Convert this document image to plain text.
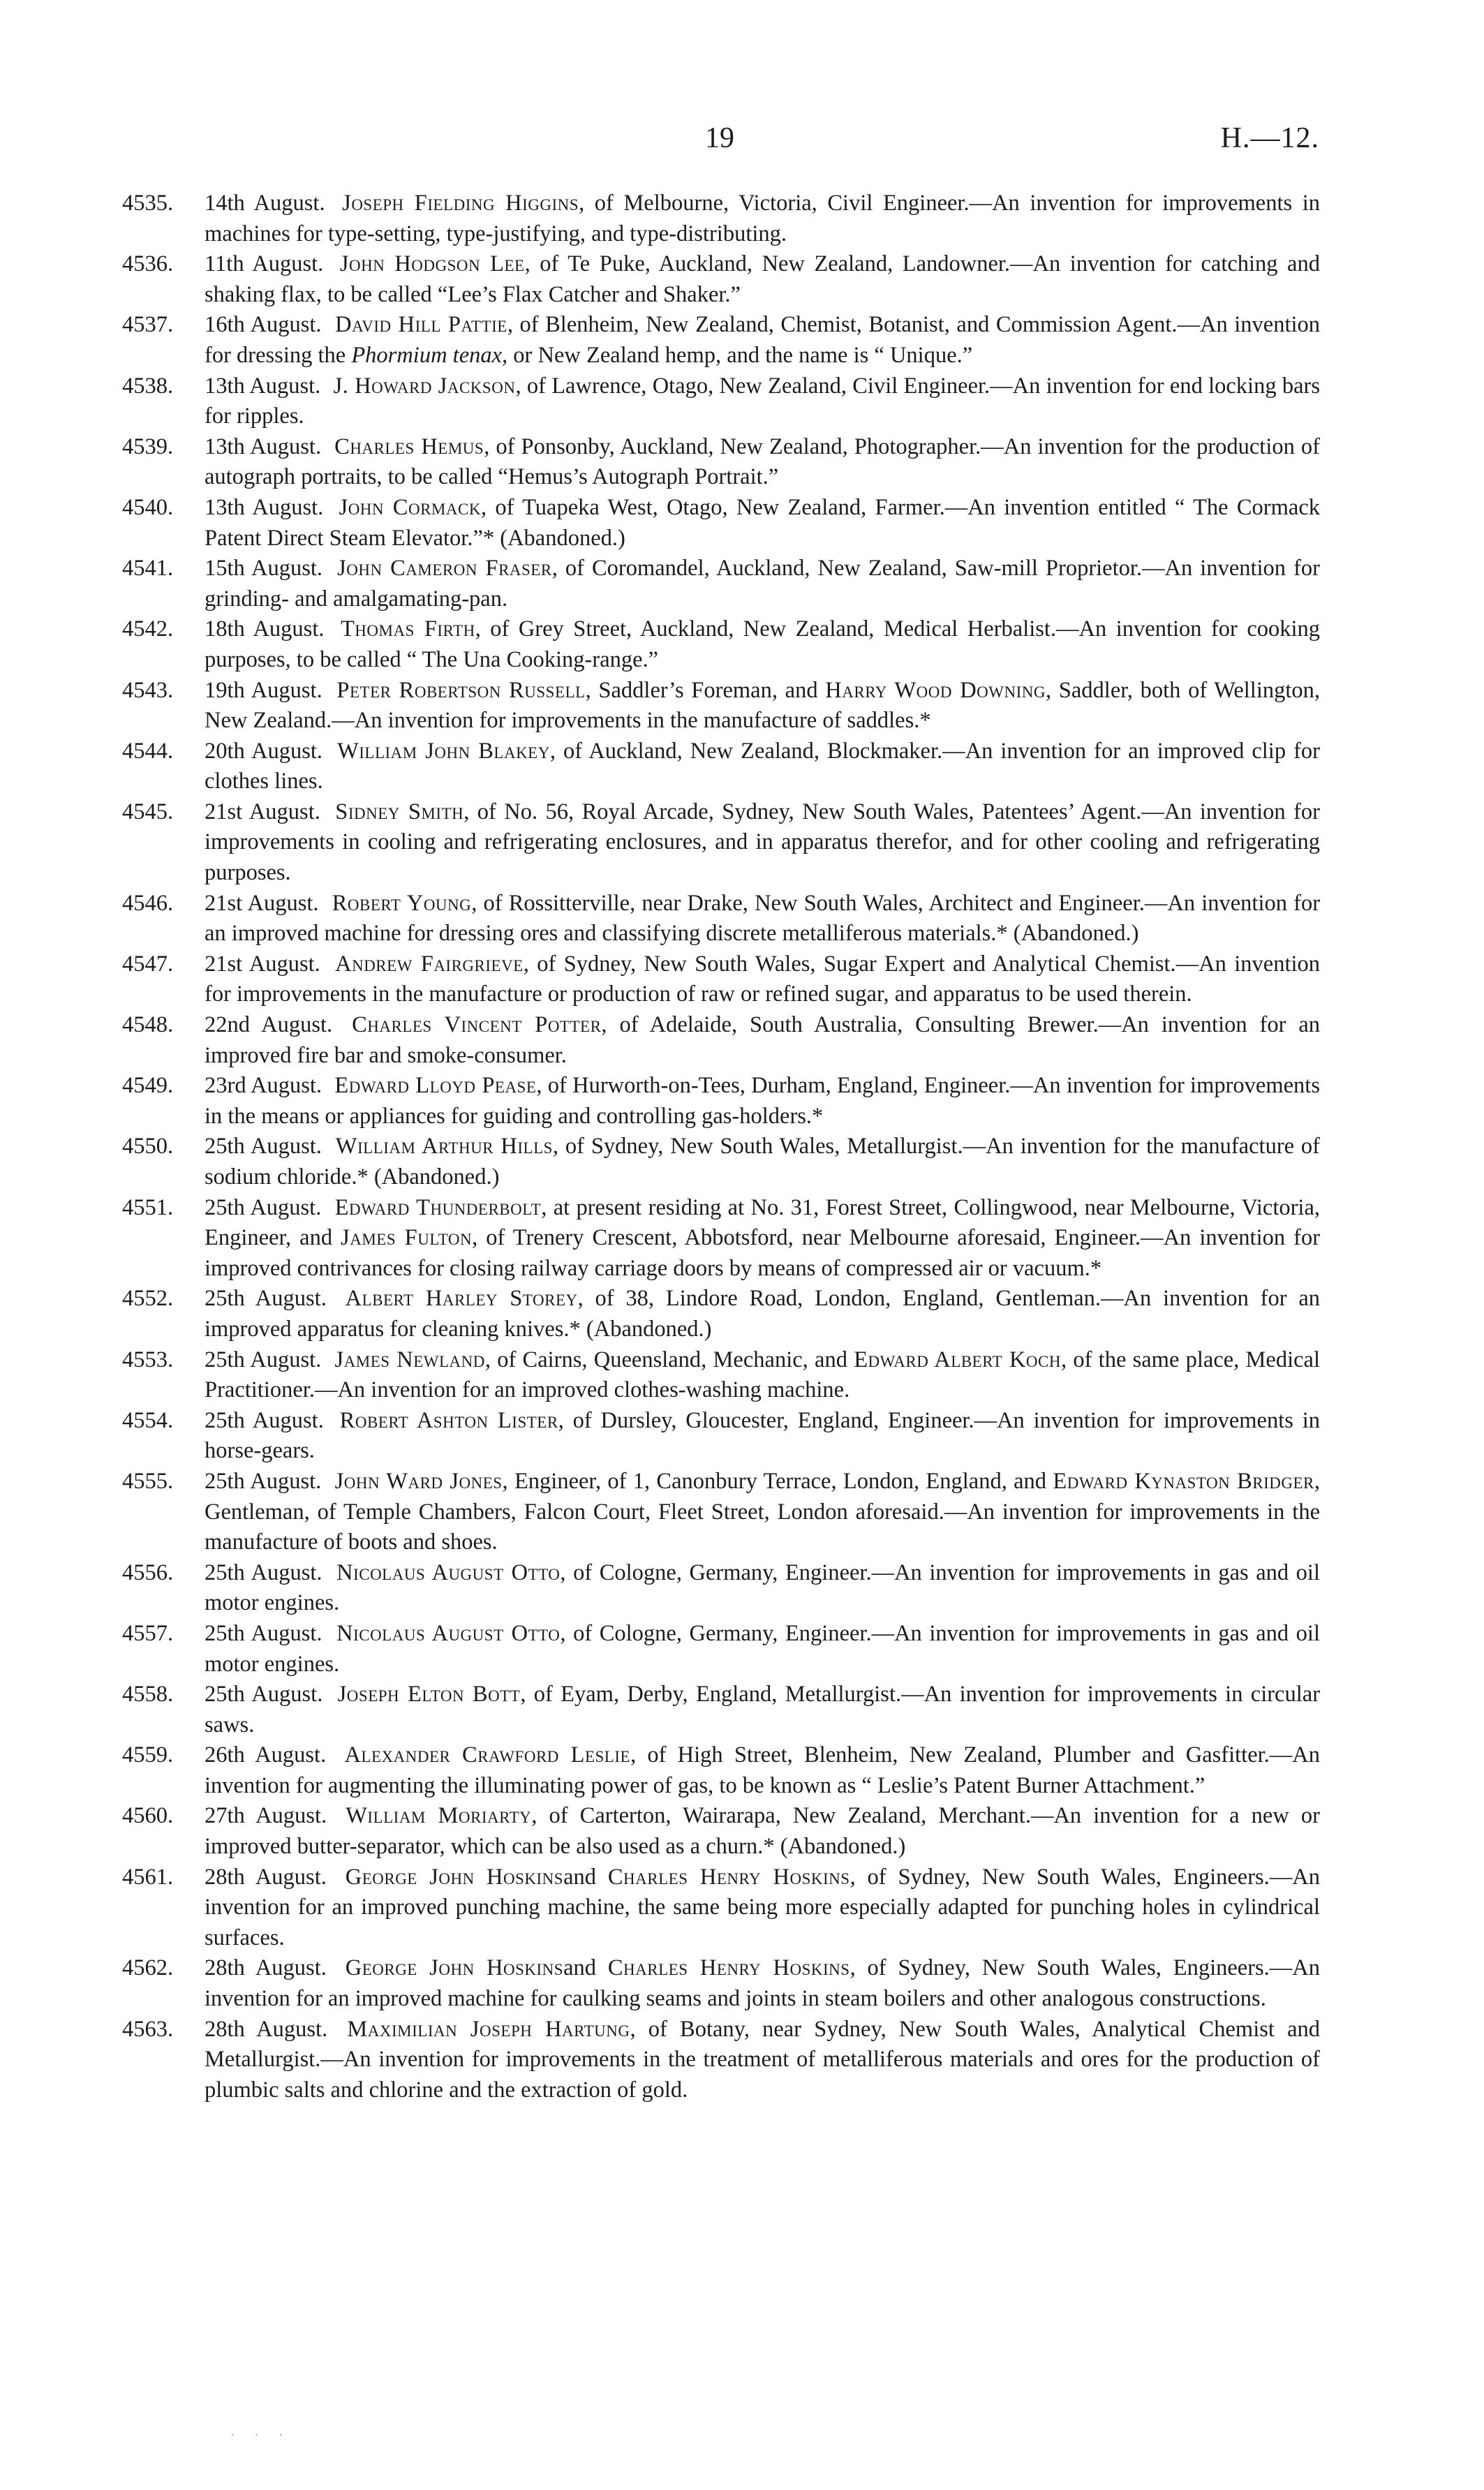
19	H.—12.
4535. 14th August. Joseph Fielding Higgins, of Melbourne, Victoria, Civil Engineer.—An invention for improvements in machines for type-setting, type-justifying, and type-distributing.
4536. 11th August. John Hodgson Lee, of Te Puke, Auckland, New Zealand, Landowner.—An invention for catching and shaking flax, to be called “Lee’s Flax Catcher and Shaker.”
4537. 16th August. David Hill Pattie, of Blenheim, New Zealand, Chemist, Botanist, and Commission Agent.—An invention for dressing the Phormium tenax, or New Zealand hemp, and the name is “ Unique.”
4538. 13th August. J. Howard Jackson, of Lawrence, Otago, New Zealand, Civil Engineer.—An invention for end locking bars for ripples.
4539. 13th August. Charles Hemus, of Ponsonby, Auckland, New Zealand, Photographer.—An invention for the production of autograph portraits, to be called “Hemus’s Autograph Portrait.”
4540. 13th August. John Cormack, of Tuapeka West, Otago, New Zealand, Farmer.—An invention entitled “ The Cormack Patent Direct Steam Elevator.”* (Abandoned.)
4541. 15th August. John Cameron Fraser, of Coromandel, Auckland, New Zealand, Saw-mill Proprietor.—An invention for grinding- and amalgamating-pan.
4542. 18th August. Thomas Firth, of Grey Street, Auckland, New Zealand, Medical Herbalist.—An invention for cooking purposes, to be called “ The Una Cooking-range.”
4543. 19th August. Peter Robertson Russell, Saddler’s Foreman, and Harry Wood Downing, Saddler, both of Wellington, New Zealand.—An invention for improvements in the manufacture of saddles.*
4544. 20th August. William John Blakey, of Auckland, New Zealand, Blockmaker.—An invention for an improved clip for clothes lines.
4545. 21st August. Sidney Smith, of No. 56, Royal Arcade, Sydney, New South Wales, Patentees’ Agent.—An invention for improvements in cooling and refrigerating enclosures, and in apparatus therefor, and for other cooling and refrigerating purposes.
4546. 21st August. Robert Young, of Rossitterville, near Drake, New South Wales, Architect and Engineer.—An invention for an improved machine for dressing ores and classifying discrete metalliferous materials.* (Abandoned.)
4547. 21st August. Andrew Fairgrieve, of Sydney, New South Wales, Sugar Expert and Analytical Chemist.—An invention for improvements in the manufacture or production of raw or refined sugar, and apparatus to be used therein.
4548. 22nd August. Charles Vincent Potter, of Adelaide, South Australia, Consulting Brewer.—An invention for an improved fire bar and smoke-consumer.
4549. 23rd August. Edward Lloyd Pease, of Hurworth-on-Tees, Durham, England, Engineer.—An invention for improvements in the means or appliances for guiding and controlling gas-holders.*
4550. 25th August. William Arthur Hills, of Sydney, New South Wales, Metallurgist.—An invention for the manufacture of sodium chloride.* (Abandoned.)
4551. 25th August. Edward Thunderbolt, at present residing at No. 31, Forest Street, Collingwood, near Melbourne, Victoria, Engineer, and James Fulton, of Trenery Crescent, Abbotsford, near Melbourne aforesaid, Engineer.—An invention for improved contrivances for closing railway carriage doors by means of compressed air or vacuum.*
4552. 25th August. Albert Harley Storey, of 38, Lindore Road, London, England, Gentleman.—An invention for an improved apparatus for cleaning knives.* (Abandoned.)
4553. 25th August. James Newland, of Cairns, Queensland, Mechanic, and Edward Albert Koch, of the same place, Medical Practitioner.—An invention for an improved clothes-washing machine.
4554. 25th August. Robert Ashton Lister, of Dursley, Gloucester, England, Engineer.—An invention for improvements in horse-gears.
4555. 25th August. John Ward Jones, Engineer, of 1, Canonbury Terrace, London, England, and Edward Kynaston Bridger, Gentleman, of Temple Chambers, Falcon Court, Fleet Street, London aforesaid.—An invention for improvements in the manufacture of boots and shoes.
4556. 25th August. Nicolaus August Otto, of Cologne, Germany, Engineer.—An invention for improvements in gas and oil motor engines.
4557. 25th August. Nicolaus August Otto, of Cologne, Germany, Engineer.—An invention for improvements in gas and oil motor engines.
4558. 25th August. Joseph Elton Bott, of Eyam, Derby, England, Metallurgist.—An invention for improvements in circular saws.
4559. 26th August. Alexander Crawford Leslie, of High Street, Blenheim, New Zealand, Plumber and Gasfitter.—An invention for augmenting the illuminating power of gas, to be known as “ Leslie’s Patent Burner Attachment.”
4560. 27th August. William Moriarty, of Carterton, Wairarapa, New Zealand, Merchant.—An invention for a new or improved butter-separator, which can be also used as a churn.* (Abandoned.)
4561. 28th August. George John Hoskinsand Charles Henry Hoskins, of Sydney, New South Wales, Engineers.—An invention for an improved punching machine, the same being more especially adapted for punching holes in cylindrical surfaces.
4562. 28th August. George John Hoskinsand Charles Henry Hoskins, of Sydney, New South Wales, Engineers.—An invention for an improved machine for caulking seams and joints in steam boilers and other analogous constructions.
4563. 28th August. Maximilian Joseph Hartung, of Botany, near Sydney, New South Wales, Analytical Chemist and Metallurgist.—An invention for improvements in the treatment of metalliferous materials and ores for the production of plumbic salts and chlorine and the extraction of gold.
· · ·
